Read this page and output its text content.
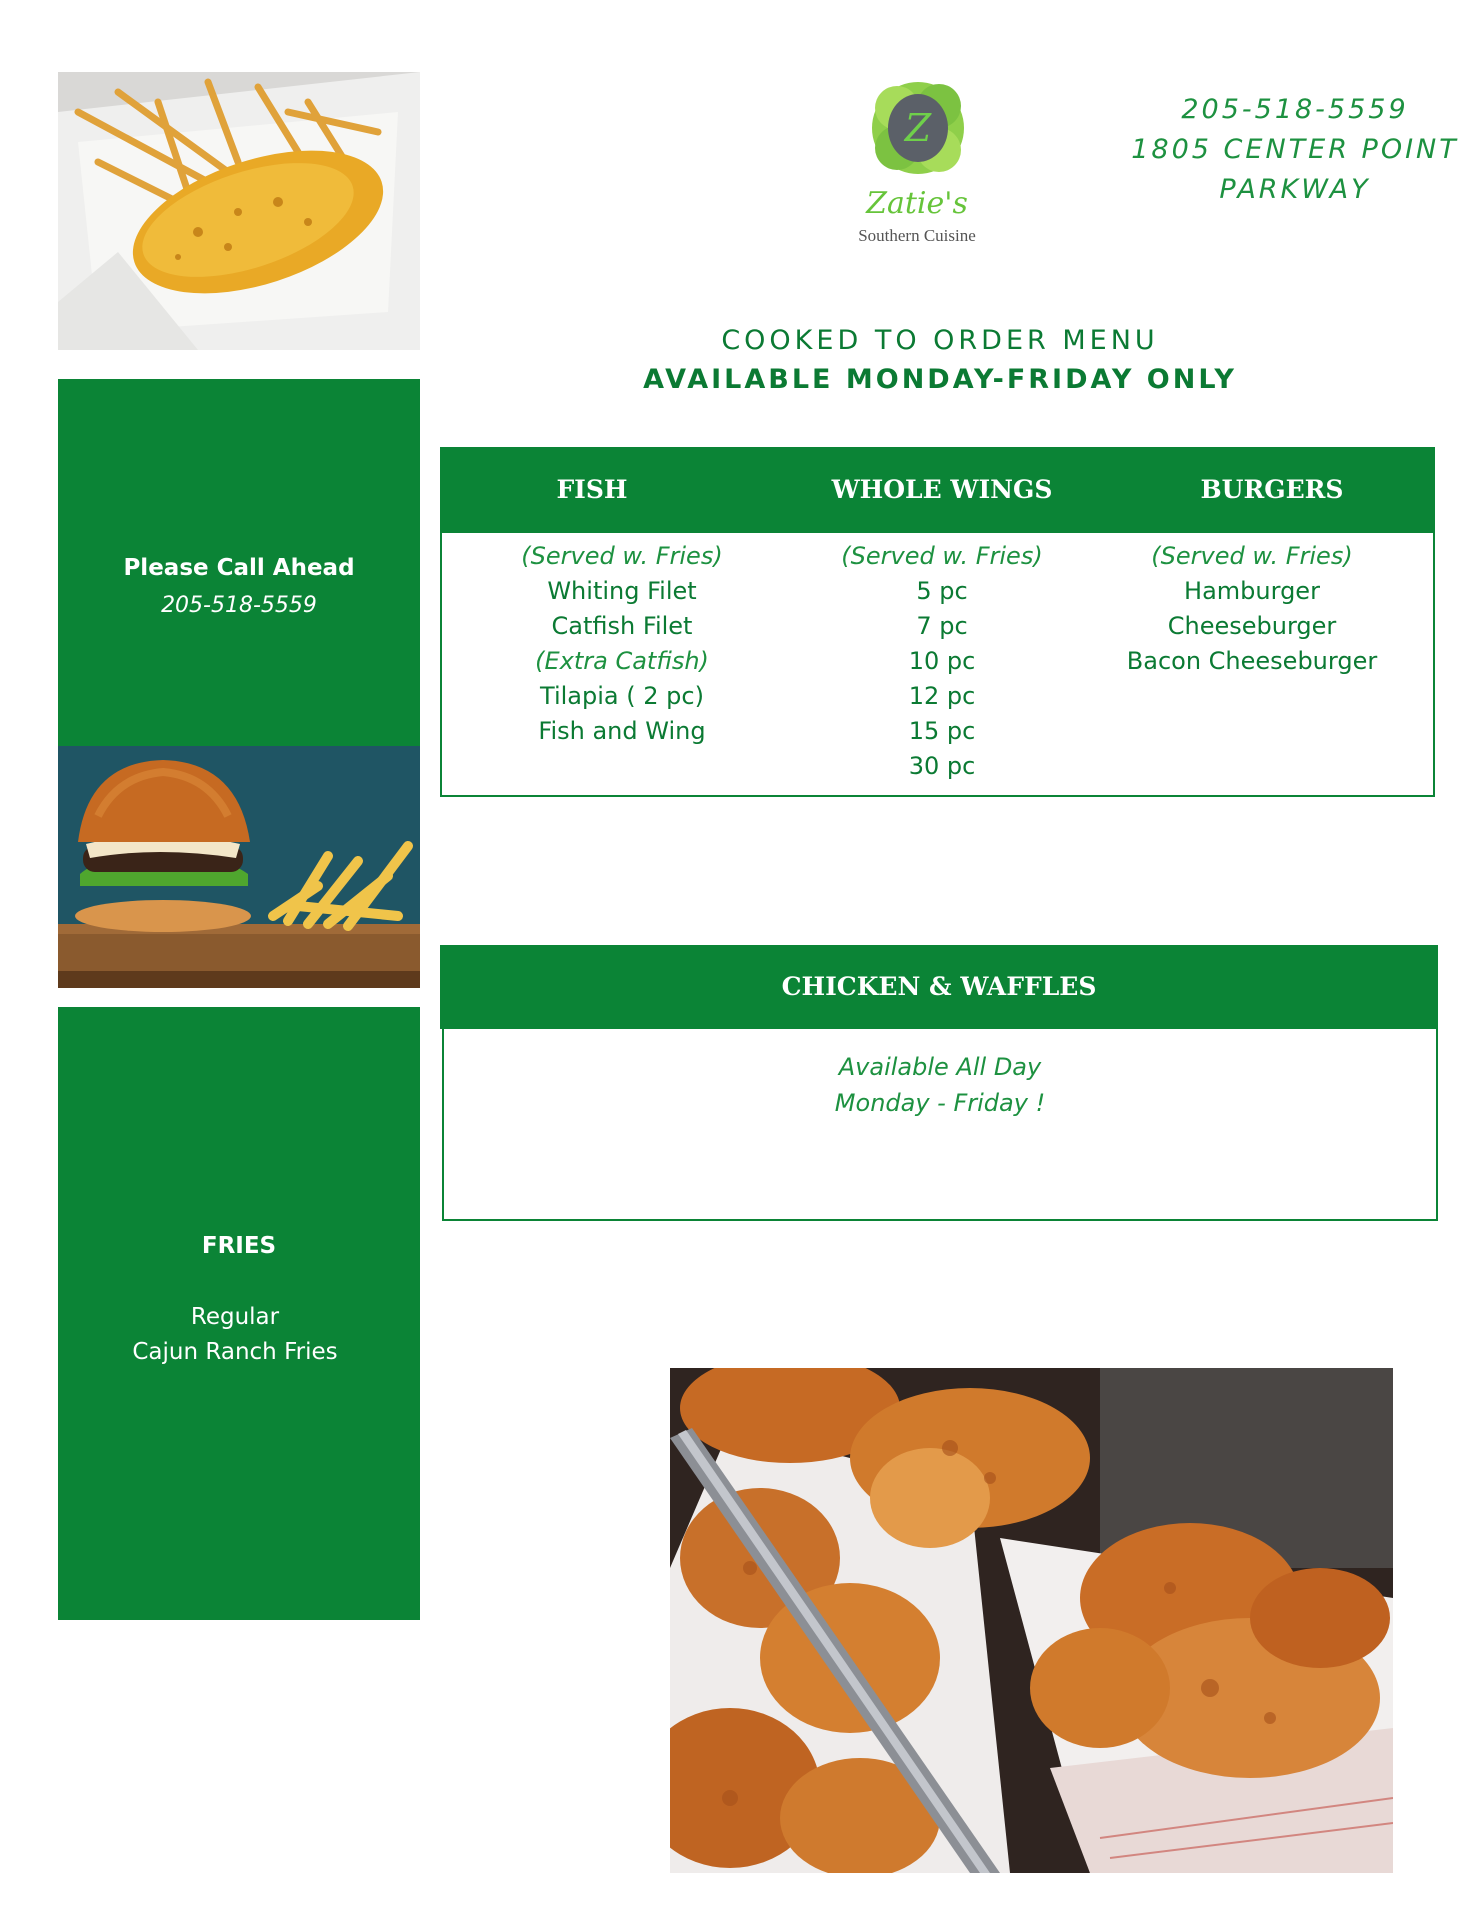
Please Call Ahead
205-518-5559
FRIES
Regular
Cajun Ranch Fries
Z
Zatie's
Southern Cuisine
205-518-5559
1805 CENTER POINT
PARKWAY
COOKED TO ORDER MENU
AVAILABLE MONDAY-FRIDAY ONLY
FISH	WHOLE WINGS	BURGERS
(Served w. Fries)
Whiting Filet
Catfish Filet
(Extra Catfish)
Tilapia ( 2 pc)
Fish and Wing
(Served w. Fries)
5 pc
7 pc
10 pc
12 pc
15 pc
30 pc
(Served w. Fries)
Hamburger
Cheeseburger
Bacon Cheeseburger
CHICKEN & WAFFLES
Available All Day
Monday - Friday !
